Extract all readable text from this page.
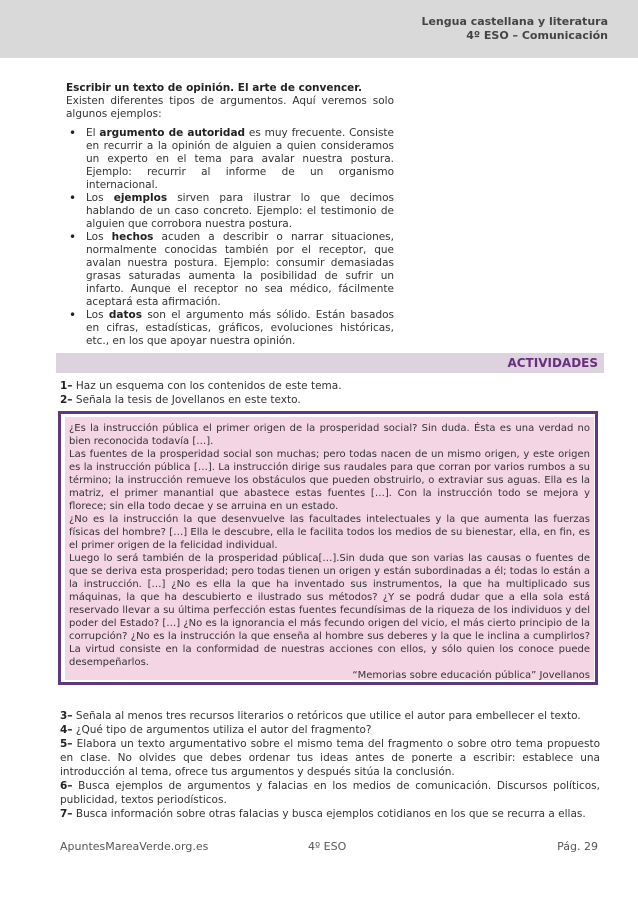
Lengua castellana y literatura
4º ESO – Comunicación

Escribir un texto de opinión. El arte de convencer.

Existen diferentes tipos de argumentos. Aquí veremos solo algunos ejemplos:

• El argumento de autoridad es muy frecuente. Consiste en recurrir a la opinión de alguien a quien consideramos un experto en el tema para avalar nuestra postura. Ejemplo: recurrir al informe de un organismo internacional.
• Los ejemplos sirven para ilustrar lo que decimos hablando de un caso concreto. Ejemplo: el testimonio de alguien que corrobora nuestra postura.
• Los hechos acuden a describir o narrar situaciones, normalmente conocidas también por el receptor, que avalan nuestra postura. Ejemplo: consumir demasiadas grasas saturadas aumenta la posibilidad de sufrir un infarto. Aunque el receptor no sea médico, fácilmente aceptará esta afirmación.
• Los datos son el argumento más sólido. Están basados en cifras, estadísticas, gráficos, evoluciones históricas, etc., en los que apoyar nuestra opinión.
ACTIVIDADES
1– Haz un esquema con los contenidos de este tema.
2– Señala la tesis de Jovellanos en este texto.

¿Es la instrucción pública el primer origen de la prosperidad social? Sin duda. Ésta es una verdad no bien reconocida todavía […].

Las fuentes de la prosperidad social son muchas; pero todas nacen de un mismo origen, y este origen es la instrucción pública […]. La instrucción dirige sus raudales para que corran por varios rumbos a su término; la instrucción remueve los obstáculos que pueden obstruirlo, o extraviar sus aguas. Ella es la matriz, el primer manantial que abastece estas fuentes […]. Con la instrucción todo se mejora y florece; sin ella todo decae y se arruina en un estado.

¿No es la instrucción la que desenvuelve las facultades intelectuales y la que aumenta las fuerzas físicas del hombre? […] Ella le descubre, ella le facilita todos los medios de su bienestar, ella, en fin, es el primer origen de la felicidad individual.

Luego lo será también de la prosperidad pública[…].Sin duda que son varias las causas o fuentes de que se deriva esta prosperidad; pero todas tienen un origen y están subordinadas a él; todas lo están a la instrucción. […] ¿No es ella la que ha inventado sus instrumentos, la que ha multiplicado sus máquinas, la que ha descubierto e ilustrado sus métodos? ¿Y se podrá dudar que a ella sola está reservado llevar a su última perfección estas fuentes fecundísimas de la riqueza de los individuos y del poder del Estado? […] ¿No es la ignorancia el más fecundo origen del vicio, el más cierto principio de la corrupción? ¿No es la instrucción la que enseña al hombre sus deberes y la que le inclina a cumplirlos? La virtud consiste en la conformidad de nuestras acciones con ellos, y sólo quien los conoce puede desempeñarlos.

“Memorias sobre educación pública” Jovellanos

3– Señala al menos tres recursos literarios o retóricos que utilice el autor para embellecer el texto.

4– ¿Qué tipo de argumentos utiliza el autor del fragmento?

5– Elabora un texto argumentativo sobre el mismo tema del fragmento o sobre otro tema propuesto en clase. No olvides que debes ordenar tus ideas antes de ponerte a escribir: establece una introducción al tema, ofrece tus argumentos y después sitúa la conclusión.

6– Busca ejemplos de argumentos y falacias en los medios de comunicación. Discursos políticos, publicidad, textos periodísticos.

7– Busca información sobre otras falacias y busca ejemplos cotidianos en los que se recurra a ellas.

ApuntesMareaVerde.org.es	4º ESO	Pág. 29
